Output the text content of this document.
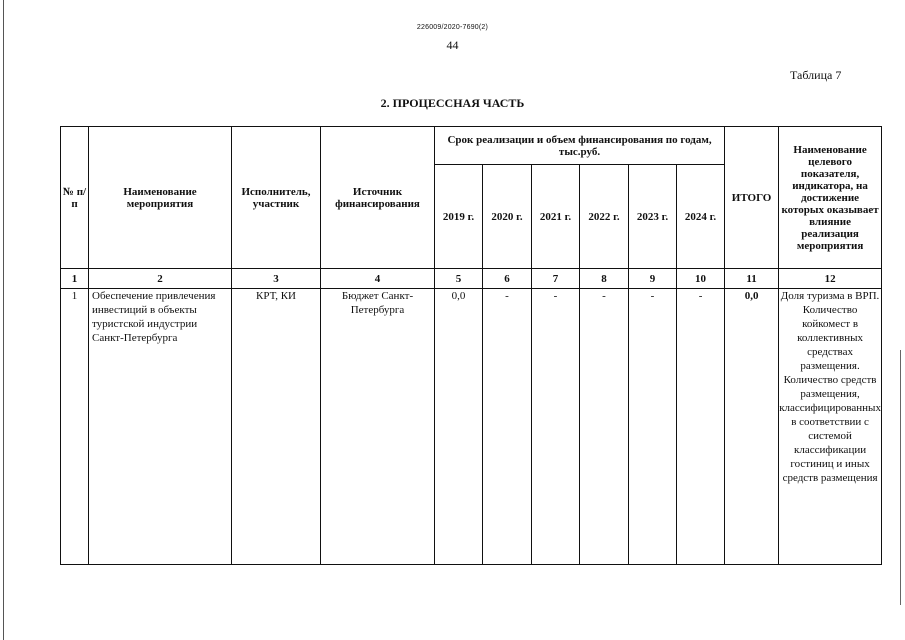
226009/2020-7690(2)
44
Таблица 7
2. ПРОЦЕССНАЯ ЧАСТЬ
№ п/п	Наименование мероприятия	Исполнитель, участник	Источник финансирования	Срок реализации и объем финансирования по годам, тыс.руб.						ИТОГО	Наименование целевого показателя, индикатора, на достижение которых оказывает влияние реализация мероприятия
				2019 г.	2020 г.	2021 г.	2022 г.	2023 г.	2024 г.		
1	2	3	4	5	6	7	8	9	10	11	12
1	Обеспечение привлечения инвестиций в объекты туристской индустрии Санкт-Петербурга	КРТ, КИ	Бюджет Санкт-Петербурга	0,0	-	-	-	-	-	0,0	Доля туризма в ВРП. Количество койкомест в коллективных средствах размещения. Количество средств размещения, классифицированных в соответствии с системой классификации гостиниц и иных средств размещения
